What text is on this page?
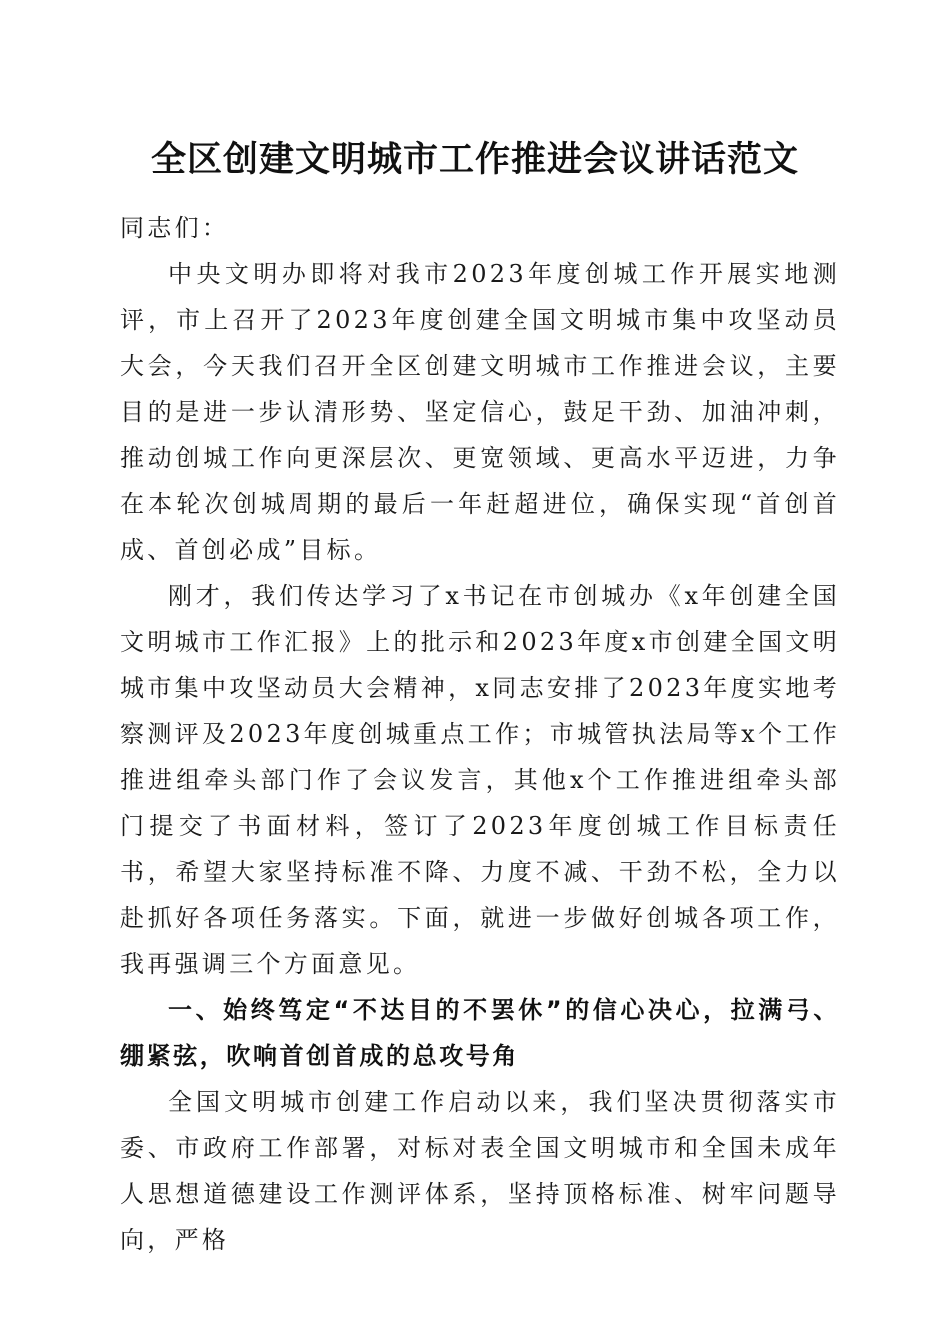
全区创建文明城市工作推进会议讲话范文

同志们：

中央文明办即将对我市2023年度创城工作开展实地测评，市上召开了2023年度创建全国文明城市集中攻坚动员大会，今天我们召开全区创建文明城市工作推进会议，主要目的是进一步认清形势、坚定信心，鼓足干劲、加油冲刺，推动创城工作向更深层次、更宽领域、更高水平迈进，力争在本轮次创城周期的最后一年赶超进位，确保实现“首创首成、首创必成”目标。

刚才，我们传达学习了x书记在市创城办《x年创建全国文明城市工作汇报》上的批示和2023年度x市创建全国文明城市集中攻坚动员大会精神，x同志安排了2023年度实地考察测评及2023年度创城重点工作；市城管执法局等x个工作推进组牵头部门作了会议发言，其他x个工作推进组牵头部门提交了书面材料，签订了2023年度创城工作目标责任书，希望大家坚持标准不降、力度不减、干劲不松，全力以赴抓好各项任务落实。下面，就进一步做好创城各项工作，我再强调三个方面意见。

一、始终笃定“不达目的不罢休”的信心决心，拉满弓、绷紧弦，吹响首创首成的总攻号角

全国文明城市创建工作启动以来，我们坚决贯彻落实市委、市政府工作部署，对标对表全国文明城市和全国未成年人思想道德建设工作测评体系，坚持顶格标准、树牢问题导向，严格
